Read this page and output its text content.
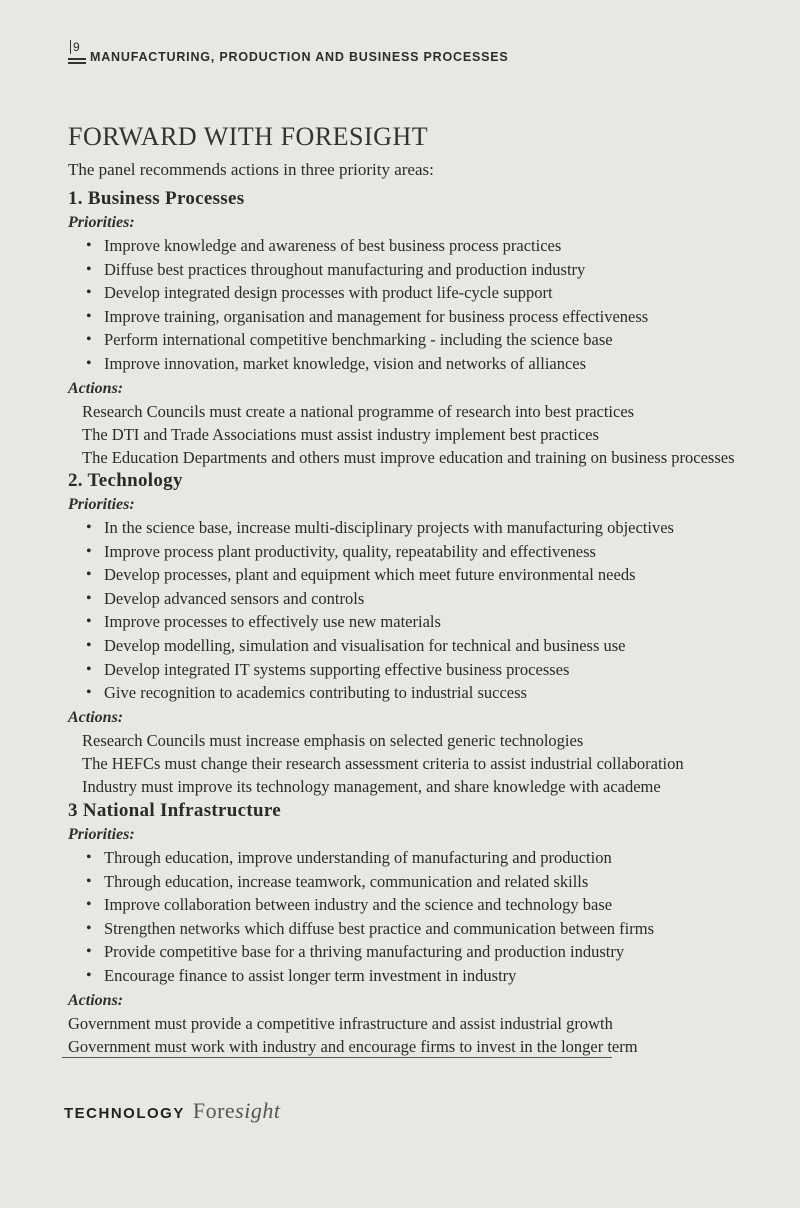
9
MANUFACTURING, PRODUCTION AND BUSINESS PROCESSES
FORWARD WITH FORESIGHT

The panel recommends actions in three priority areas:

1. Business Processes

Priorities:

• Improve knowledge and awareness of best business process practices
• Diffuse best practices throughout manufacturing and production industry
• Develop integrated design processes with product life-cycle support
• Improve training, organisation and management for business process effectiveness
• Perform international competitive benchmarking - including the science base
• Improve innovation, market knowledge, vision and networks of alliances

Actions:

Research Councils must create a national programme of research into best practices

The DTI and Trade Associations must assist industry implement best practices

The Education Departments and others must improve education and training on business processes

2. Technology

Priorities:

• In the science base, increase multi-disciplinary projects with manufacturing objectives
• Improve process plant productivity, quality, repeatability and effectiveness
• Develop processes, plant and equipment which meet future environmental needs
• Develop advanced sensors and controls
• Improve processes to effectively use new materials
• Develop modelling, simulation and visualisation for technical and business use
• Develop integrated IT systems supporting effective business processes
• Give recognition to academics contributing to industrial success

Actions:

Research Councils must increase emphasis on selected generic technologies

The HEFCs must change their research assessment criteria to assist industrial collaboration

Industry must improve its technology management, and share knowledge with academe

3 National Infrastructure

Priorities:

• Through education, improve understanding of manufacturing and production
• Through education, increase teamwork, communication and related skills
• Improve collaboration between industry and the science and technology base
• Strengthen networks which diffuse best practice and communication between firms
• Provide competitive base for a thriving manufacturing and production industry
• Encourage finance to assist longer term investment in industry

Actions:

Government must provide a competitive infrastructure and assist industrial growth

Government must work with industry and encourage firms to invest in the longer term

TECHNOLOGY Foresight
